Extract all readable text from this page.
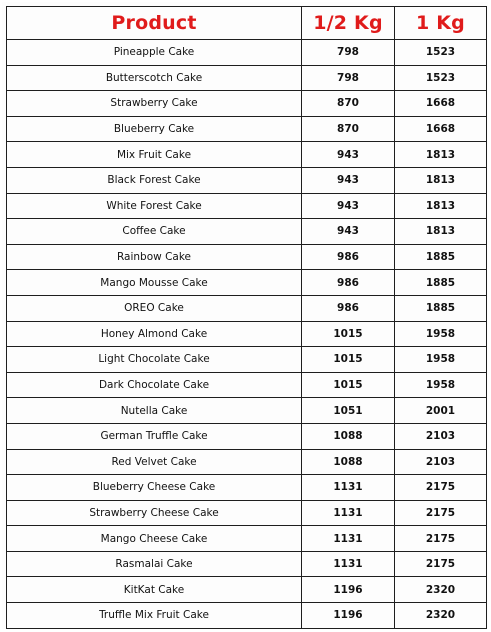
Product	1/2 Kg	1 Kg
Pineapple Cake	798	1523
Butterscotch Cake	798	1523
Strawberry Cake	870	1668
Blueberry Cake	870	1668
Mix Fruit Cake	943	1813
Black Forest Cake	943	1813
White Forest Cake	943	1813
Coffee Cake	943	1813
Rainbow Cake	986	1885
Mango Mousse Cake	986	1885
OREO Cake	986	1885
Honey Almond Cake	1015	1958
Light Chocolate Cake	1015	1958
Dark Chocolate Cake	1015	1958
Nutella Cake	1051	2001
German Truffle Cake	1088	2103
Red Velvet Cake	1088	2103
Blueberry Cheese Cake	1131	2175
Strawberry Cheese Cake	1131	2175
Mango Cheese Cake	1131	2175
Rasmalai Cake	1131	2175
KitKat Cake	1196	2320
Truffle Mix Fruit Cake	1196	2320
